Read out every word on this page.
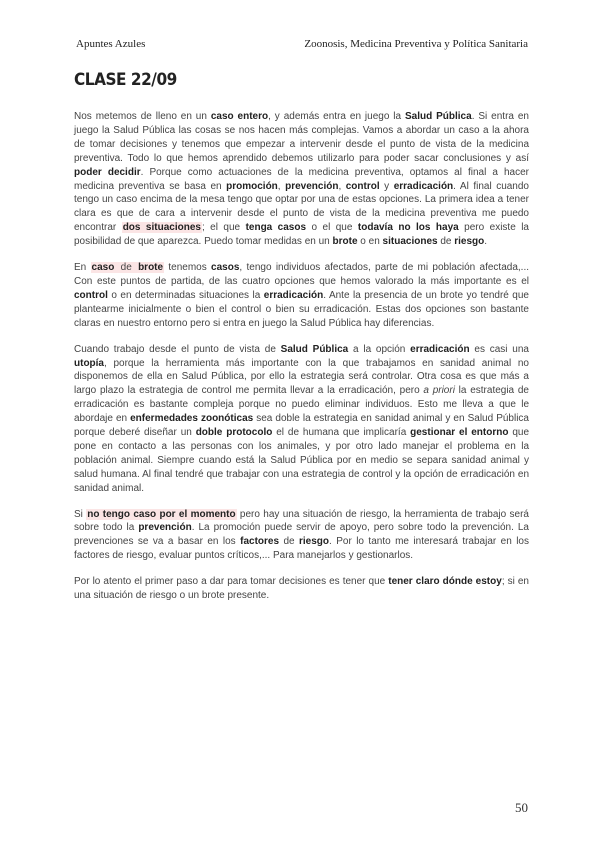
Apuntes Azules	Zoonosis, Medicina Preventiva y Política Sanitaria
CLASE 22/09

Nos metemos de lleno en un caso entero, y además entra en juego la Salud Pública. Si entra en juego la Salud Pública las cosas se nos hacen más complejas. Vamos a abordar un caso a la ahora de tomar decisiones y tenemos que empezar a intervenir desde el punto de vista de la medicina preventiva. Todo lo que hemos aprendido debemos utilizarlo para poder sacar conclusiones y así poder decidir. Porque como actuaciones de la medicina preventiva, optamos al final a hacer medicina preventiva se basa en promoción, prevención, control y erradicación. Al final cuando tengo un caso encima de la mesa tengo que optar por una de estas opciones. La primera idea a tener clara es que de cara a intervenir desde el punto de vista de la medicina preventiva me puedo encontrar dos situaciones; el que tenga casos o el que todavía no los haya pero existe la posibilidad de que aparezca. Puedo tomar medidas en un brote o en situaciones de riesgo.

En caso de brote tenemos casos, tengo individuos afectados, parte de mi población afectada,... Con este puntos de partida, de las cuatro opciones que hemos valorado la más importante es el control o en determinadas situaciones la erradicación. Ante la presencia de un brote yo tendré que plantearme inicialmente o bien el control o bien su erradicación. Estas dos opciones son bastante claras en nuestro entorno pero si entra en juego la Salud Pública hay diferencias.

Cuando trabajo desde el punto de vista de Salud Pública a la opción erradicación es casi una utopía, porque la herramienta más importante con la que trabajamos en sanidad animal no disponemos de ella en Salud Pública, por ello la estrategia será controlar. Otra cosa es que más a largo plazo la estrategia de control me permita llevar a la erradicación, pero a priori la estrategia de erradicación es bastante compleja porque no puedo eliminar individuos. Esto me lleva a que le abordaje en enfermedades zoonóticas sea doble la estrategia en sanidad animal y en Salud Pública porque deberé diseñar un doble protocolo el de humana que implicaría gestionar el entorno que pone en contacto a las personas con los animales, y por otro lado manejar el problema en la población animal. Siempre cuando está la Salud Pública por en medio se separa sanidad animal y salud humana. Al final tendré que trabajar con una estrategia de control y la opción de erradicación en sanidad animal.

Si no tengo caso por el momento pero hay una situación de riesgo, la herramienta de trabajo será sobre todo la prevención. La promoción puede servir de apoyo, pero sobre todo la prevención. La prevenciones se va a basar en los factores de riesgo. Por lo tanto me interesará trabajar en los factores de riesgo, evaluar puntos críticos,... Para manejarlos y gestionarlos.

Por lo atento el primer paso a dar para tomar decisiones es tener que tener claro dónde estoy; si en una situación de riesgo o un brote presente.

50
